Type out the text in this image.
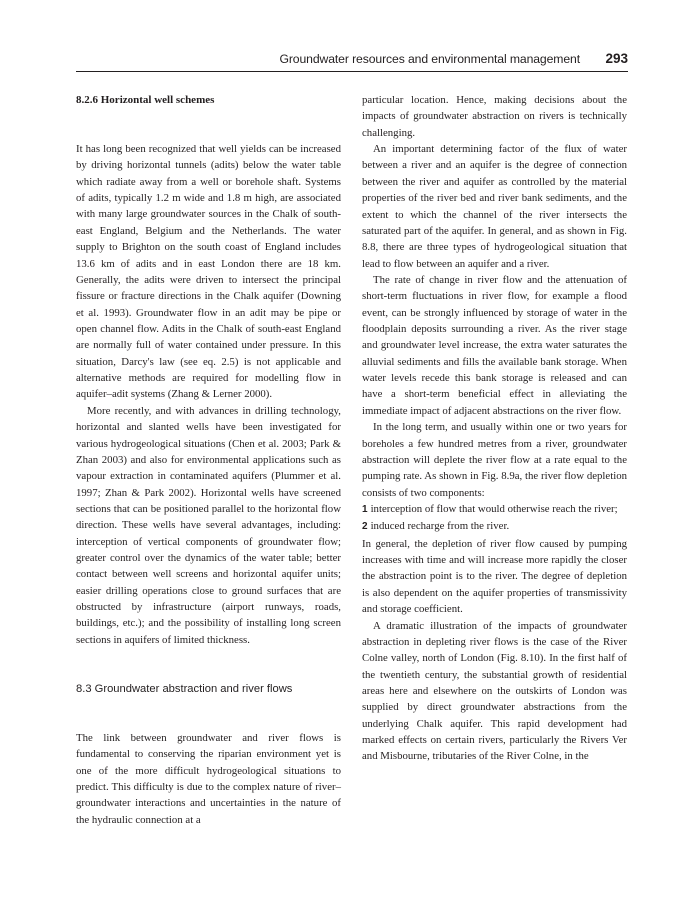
Groundwater resources and environmental management 293

8.2.6 Horizontal well schemes

It has long been recognized that well yields can be increased by driving horizontal tunnels (adits) below the water table which radiate away from a well or borehole shaft. Systems of adits, typically 1.2 m wide and 1.8 m high, are associated with many large groundwater sources in the Chalk of south-east England, Belgium and the Netherlands. The water supply to Brighton on the south coast of England includes 13.6 km of adits and in east London there are 18 km. Generally, the adits were driven to intersect the principal fissure or fracture directions in the Chalk aquifer (Downing et al. 1993). Groundwater flow in an adit may be pipe or open channel flow. Adits in the Chalk of south-east England are normally full of water contained under pressure. In this situation, Darcy's law (see eq. 2.5) is not applicable and alternative methods are required for modelling flow in aquifer–adit systems (Zhang & Lerner 2000).

More recently, and with advances in drilling technology, horizontal and slanted wells have been investigated for various hydrogeological situations (Chen et al. 2003; Park & Zhan 2003) and also for environmental applications such as vapour extraction in contaminated aquifers (Plummer et al. 1997; Zhan & Park 2002). Horizontal wells have screened sections that can be positioned parallel to the horizontal flow direction. These wells have several advantages, including: interception of vertical components of groundwater flow; greater control over the dynamics of the water table; better contact between well screens and horizontal aquifer units; easier drilling operations close to ground surfaces that are obstructed by infrastructure (airport runways, roads, buildings, etc.); and the possibility of installing long screen sections in aquifers of limited thickness.

8.3 Groundwater abstraction and river flows

The link between groundwater and river flows is fundamental to conserving the riparian environment yet is one of the more difficult hydrogeological situations to predict. This difficulty is due to the complex nature of river–groundwater interactions and uncertainties in the nature of the hydraulic connection at a

particular location. Hence, making decisions about the impacts of groundwater abstraction on rivers is technically challenging.

An important determining factor of the flux of water between a river and an aquifer is the degree of connection between the river and aquifer as controlled by the material properties of the river bed and river bank sediments, and the extent to which the channel of the river intersects the saturated part of the aquifer. In general, and as shown in Fig. 8.8, there are three types of hydrogeological situation that lead to flow between an aquifer and a river.

The rate of change in river flow and the attenuation of short-term fluctuations in river flow, for example a flood event, can be strongly influenced by storage of water in the floodplain deposits surrounding a river. As the river stage and groundwater level increase, the extra water saturates the alluvial sediments and fills the available bank storage. When water levels recede this bank storage is released and can have a short-term beneficial effect in alleviating the immediate impact of adjacent abstractions on the river flow.

In the long term, and usually within one or two years for boreholes a few hundred metres from a river, groundwater abstraction will deplete the river flow at a rate equal to the pumping rate. As shown in Fig. 8.9a, the river flow depletion consists of two components:

1 interception of flow that would otherwise reach the river;

2 induced recharge from the river.

In general, the depletion of river flow caused by pumping increases with time and will increase more rapidly the closer the abstraction point is to the river. The degree of depletion is also dependent on the aquifer properties of transmissivity and storage coefficient.

A dramatic illustration of the impacts of groundwater abstraction in depleting river flows is the case of the River Colne valley, north of London (Fig. 8.10). In the first half of the twentieth century, the substantial growth of residential areas here and elsewhere on the outskirts of London was supplied by direct groundwater abstractions from the underlying Chalk aquifer. This rapid development had marked effects on certain rivers, particularly the Rivers Ver and Misbourne, tributaries of the River Colne, in the
